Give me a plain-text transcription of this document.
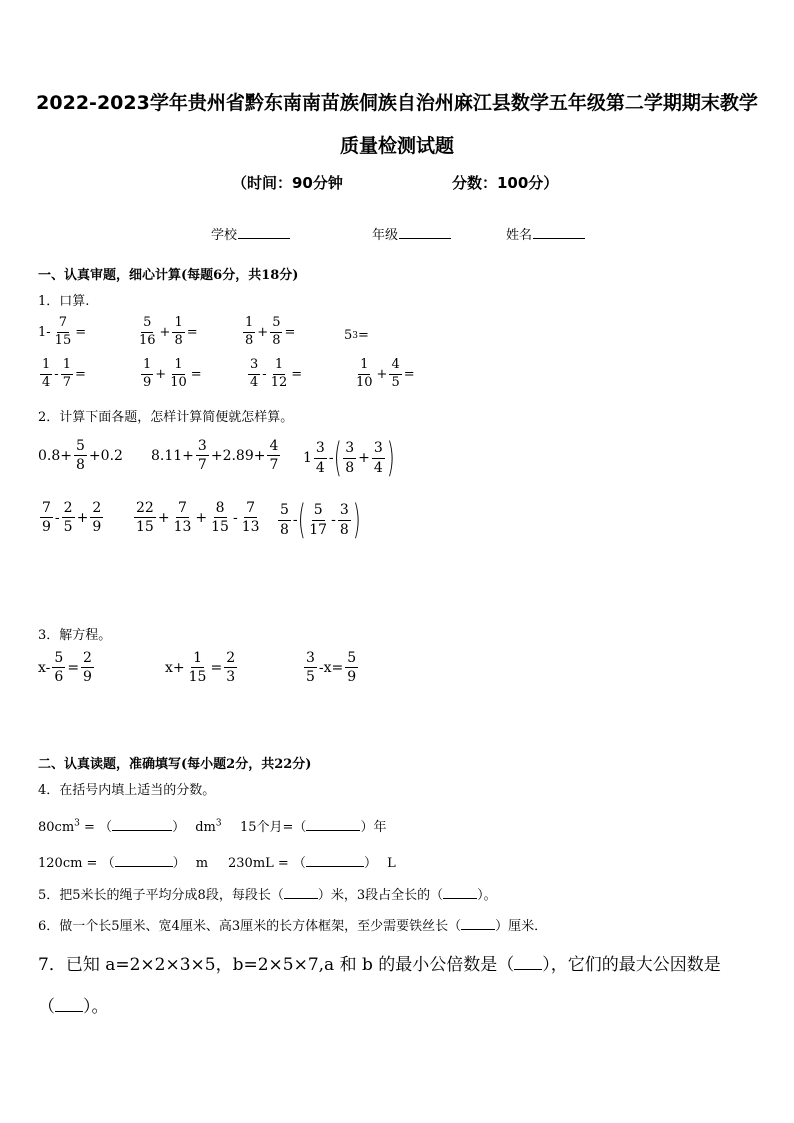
2022-2023学年贵州省黔东南南苗族侗族自治州麻江县数学五年级第二学期期末教学
质量检测试题
（时间：90分钟	分数：100分）
学校	年级	姓名
一、认真审题，细心计算(每题6分，共18分)
1．口算.
$1- \frac{7}{15}$ =	$\frac{5}{16} + \frac{1}{8}$ =	$\frac{1}{8} + \frac{5}{8}$ =	5 3 =
$\frac{1}{4} - \frac{1}{7}$ =	$\frac{1}{9} + \frac{1}{10}$ =	$\frac{3}{4} - \frac{1}{12}$ =	$\frac{1}{10} + \frac{4}{5}$ =
2．计算下面各题，怎样计算简便就怎样算。
$0.8 + \frac{5}{8} + 0.2$ $8.11 + \frac{3}{7} + 2.89 + \frac{4}{7} 1 \frac{3}{4}$ - ( $\frac{3}{8} + \frac{3}{4}$ )
$\frac{7}{9} - \frac{2}{5} + \frac{2}{9} \frac{22}{15} + \frac{7}{13} + \frac{8}{15} - \frac{7}{13} \frac{5}{8}$ - ( $\frac{5}{17} - \frac{3}{8}$ )
3．解方程。
$x- \frac{5}{6} = \frac{2}{9}$	$x+ \frac{1}{15} = \frac{2}{3}$	$\frac{3}{5} -x= \frac{5}{9}$
二、认真读题，准确填写(每小题2分，共22分)
4．在括号内填上适当的分数。
$80cm^3$ = （	） $dm^3$ 15个月=（	）年
120cm = （	） m 230mL = （	） L
5．把5米长的绳子平均分成8段，每段长（	）米，3段占全长的（	）。
6．做一个长5厘米、宽4厘米、高3厘米的长方体框架，至少需要铁丝长（	）厘米．
7．已知 a=2×2×3×5，b=2×5×7,a 和 b 的最小公倍数是（ ），它们的最大公因数是
（ ）。
